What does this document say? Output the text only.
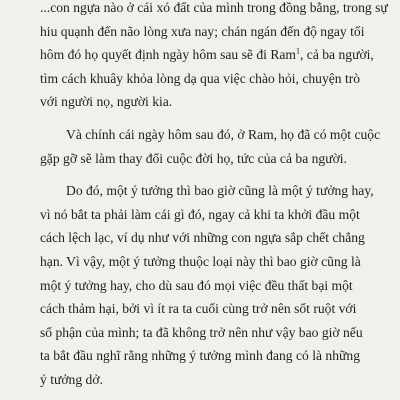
...con ngựa nào ở cái xó đất của mình trong đồng bằng, trong sự
hiu quạnh đến não lòng xưa nay; chán ngán đến độ ngay tối
hôm đó họ quyết định ngày hôm sau sẽ đi Ram$^1$, cả ba người,
tìm cách khuây khỏa lòng dạ qua việc chào hỏi, chuyện trò
với người nọ, người kia.

Và chính cái ngày hôm sau đó, ở Ram, họ đã có một cuộc
gặp gỡ sẽ làm thay đổi cuộc đời họ, tức của cả ba người.

Do đó, một ý tưởng thì bao giờ cũng là một ý tưởng hay,
vì nó bắt ta phải làm cái gì đó, ngay cả khi ta khởi đầu một
cách lệch lạc, ví dụ như với những con ngựa sắp chết chẳng
hạn. Vì vậy, một ý tưởng thuộc loại này thì bao giờ cũng là
một ý tưởng hay, cho dù sau đó mọi việc đều thất bại một
cách thảm hại, bởi vì ít ra ta cuối cùng trở nên sốt ruột với
số phận của mình; ta đã không trở nên như vậy bao giờ nếu
ta bắt đầu nghĩ rằng những ý tưởng mình đang có là những
ý tưởng dở.
